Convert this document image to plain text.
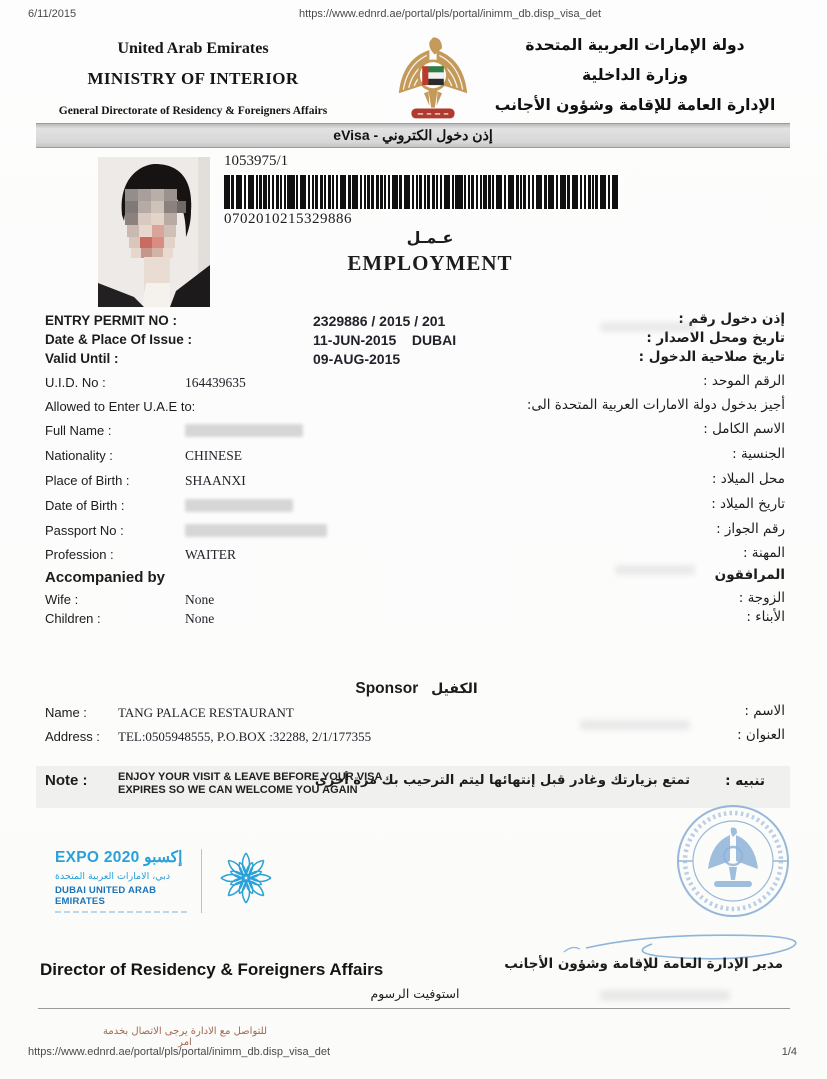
6/11/2015	https://www.ednrd.ae/portal/pls/portal/inimm_db.disp_visa_det
United Arab Emirates
MINISTRY OF INTERIOR
General Directorate of Residency & Foreigners Affairs
دولة الإمارات العربية المتحدة
وزارة الداخلية
الإدارة العامة للإقامة وشؤون الأجانب
eVisa - إذن دخول الكتروني
1053975/1
0702010215329886
عـمـل
EMPLOYMENT
ENTRY PERMIT NO :	2329886 / 2015 / 201	إذن دخول رقم :
Date & Place Of Issue :	11-JUN-2015    DUBAI	تاريخ ومحل الاصدار :
Valid Until :	09-AUG-2015	تاريخ صلاحية الدخول :
U.I.D. No :	164439635	الرقم الموحد :
Allowed to Enter U.A.E to:	أجيز بدخول دولة الامارات العربية المتحدة الى:
Full Name :	الاسم الكامل :
Nationality :	CHINESE	الجنسية :
Place of Birth :	SHAANXI	محل الميلاد :
Date of Birth :	تاريخ الميلاد :
Passport No :	رقم الجواز :
Profession :	WAITER	المهنة :
Accompanied by	المرافقون
Wife :	None	الزوجة :
Children :	None	الأبناء :
Sponsor الكفيل
Name : TANG PALACE RESTAURANT	الاسم :
Address : TEL:0505948555, P.O.BOX :32288, 2/1/177355	العنوان :
Note :	ENJOY YOUR VISIT & LEAVE BEFORE YOUR VISA
EXPIRES SO WE CAN WELCOME YOU AGAIN
تمتع بزيارتك وغادر قبل إنتهائها ليتم الترحيب بك مرة أخرى	تنبيه :
EXPO 2020 إكسبو
دبي، الامارات العربية المتحدة
DUBAI UNITED ARAB EMIRATES
Director of Residency & Foreigners Affairs	مدير الإدارة العامة للإقامة وشؤون الأجانب
استوفيت الرسوم
للتواصل مع الادارة يرجى الاتصال بخدمة امر
https://www.ednrd.ae/portal/pls/portal/inimm_db.disp_visa_det	1/4
